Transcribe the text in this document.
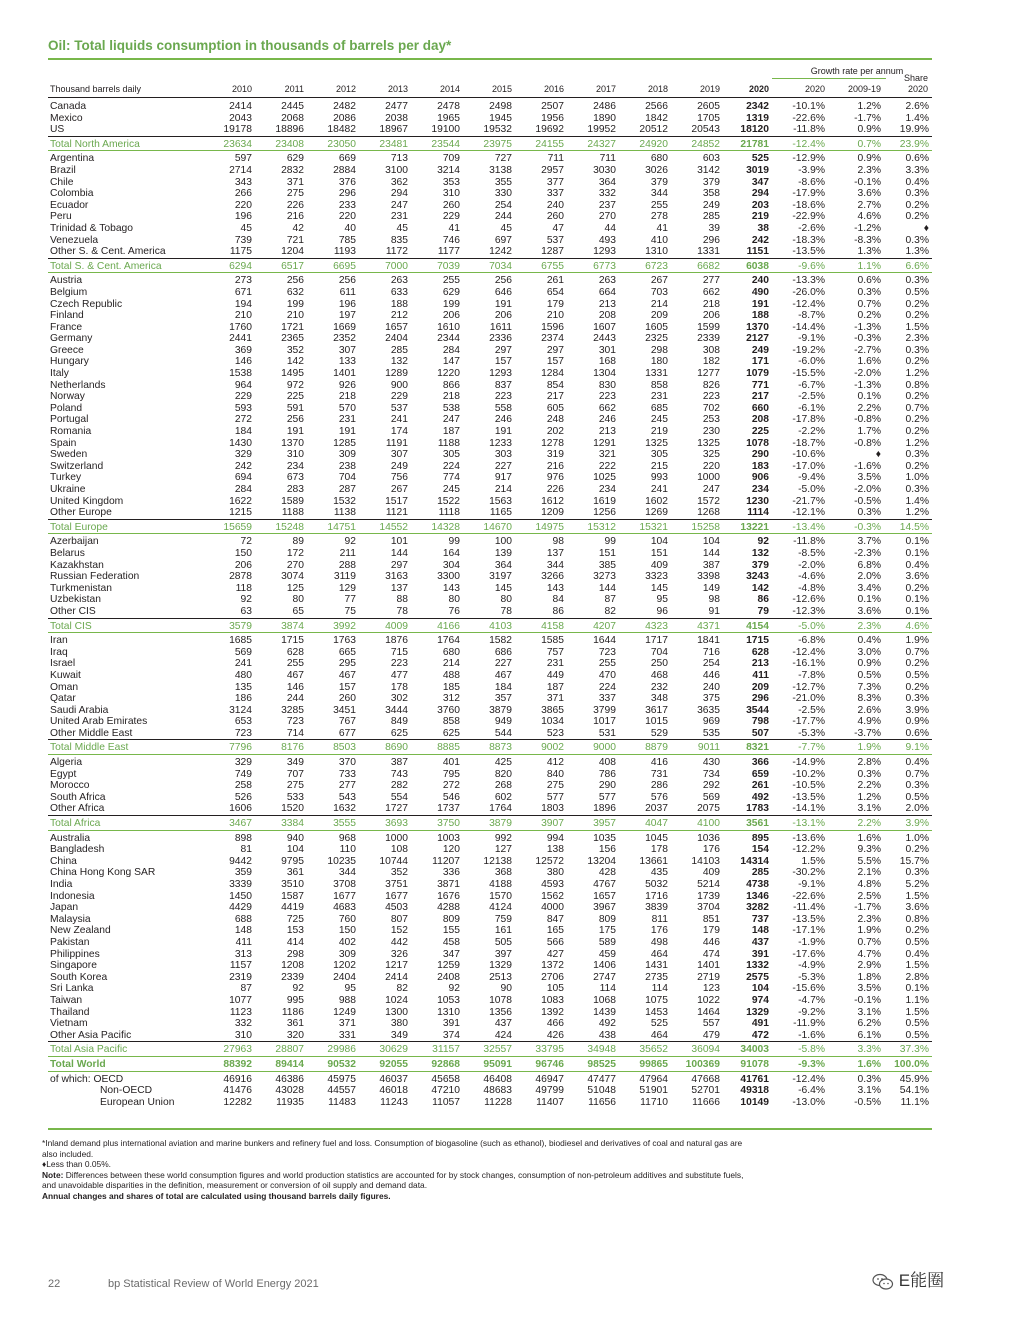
Oil: Total liquids consumption in thousands of barrels per day*
Thousand barrels daily
Growth rate per annum
Share
2020
2010	2011	2012	2013	2014	2015	2016	2017	2018	2019	2020	2020	2009-19
Canada	2414	2445	2482	2477	2478	2498	2507	2486	2566	2605	2342 -10.1%	1.2% 2.6%
Mexico	2043	2068	2086	2038	1965	1945	1956	1890	1842	1705	1319 -22.6%	-1.7% 1.4%
US	19178 18896 18482 18967 19100 19532 19692 19952 20512 20543 18120 -11.8%	0.9% 19.9%
Total North America	23634 23408 23050 23481 23544 23975 24155 24327 24920 24852 21781 -12.4%	0.7% 23.9%
Argentina	597	629	669	713	709	727	711	711	680	603	525 -12.9%	0.9% 0.6%
Brazil	2714	2832	2884	3100	3214	3138	2957	3030	3026	3142	3019	-3.9%	2.3% 3.3%
Chile	343	371	376	362	353	355	377	364	379	379	347	-8.6%	-0.1% 0.4%
Colombia	266	275	296	294	310	330	337	332	344	358	294 -17.9%	3.6% 0.3%
Ecuador	220	226	233	247	260	254	240	237	255	249	203 -18.6%	2.7% 0.2%
Peru	196	216	220	231	229	244	260	270	278	285	219 -22.9%	4.6% 0.2%
Trinidad & Tobago	45	42	40	45	41	45	47	44	41	39	38	-2.6%	-1.2%	♦
Venezuela	739	721	785	835	746	697	537	493	410	296	242 -18.3%	-8.3% 0.3%
Other S. & Cent. America	1175	1204	1193	1172	1177	1242	1287	1293	1310	1331	1151 -13.5%	1.3% 1.3%
Total S. & Cent. America	6294	6517	6695	7000	7039	7034	6755	6773	6723	6682	6038	-9.6%	1.1% 6.6%
Austria	273	256	256	263	255	256	261	263	267	277	240 -13.3%	0.6% 0.3%
Belgium	671	632	611	633	629	646	654	664	703	662	490 -26.0%	0.3% 0.5%
Czech Republic	194	199	196	188	199	191	179	213	214	218	191 -12.4%	0.7% 0.2%
Finland	210	210	197	212	206	206	210	208	209	206	188	-8.7%	0.2% 0.2%
France	1760	1721	1669	1657	1610	1611	1596	1607	1605	1599	1370 -14.4%	-1.3% 1.5%
Germany	2441	2365	2352	2404	2344	2336	2374	2443	2325	2339	2127	-9.1%	-0.3% 2.3%
Greece	369	352	307	285	284	297	297	301	298	308	249 -19.2%	-2.7% 0.3%
Hungary	146	142	133	132	147	157	157	168	180	182	171	-6.0%	1.6% 0.2%
Italy	1538	1495	1401	1289	1220	1293	1284	1304	1331	1277	1079 -15.5%	-2.0% 1.2%
Netherlands	964	972	926	900	866	837	854	830	858	826	771	-6.7%	-1.3% 0.8%
Norway	229	225	218	229	218	223	217	223	231	223	217	-2.5%	0.1% 0.2%
Poland	593	591	570	537	538	558	605	662	685	702	660	-6.1%	2.2% 0.7%
Portugal	272	256	231	241	247	246	248	246	245	253	208 -17.8%	-0.8% 0.2%
Romania	184	191	191	174	187	191	202	213	219	230	225	-2.2%	1.7% 0.2%
Spain	1430	1370	1285	1191	1188	1233	1278	1291	1325	1325	1078 -18.7%	-0.8% 1.2%
Sweden	329	310	309	307	305	303	319	321	305	325	290 -10.6%	♦ 0.3%
Switzerland	242	234	238	249	224	227	216	222	215	220	183 -17.0%	-1.6% 0.2%
Turkey	694	673	704	756	774	917	976	1025	993	1000	906	-9.4%	3.5% 1.0%
Ukraine	284	283	287	267	245	214	226	234	241	247	234	-5.0%	-2.0% 0.3%
United Kingdom	1622	1589	1532	1517	1522	1563	1612	1619	1602	1572	1230 -21.7%	-0.5% 1.4%
Other Europe	1215	1188	1138	1121	1118	1165	1209	1256	1269	1268	1114 -12.1%	0.3% 1.2%
Total Europe	15659 15248 14751 14552 14328 14670 14975 15312 15321 15258 13221 -13.4%	-0.3% 14.5%
Azerbaijan	72	89	92	101	99	100	98	99	104	104	92 -11.8%	3.7% 0.1%
Belarus	150	172	211	144	164	139	137	151	151	144	132	-8.5%	-2.3% 0.1%
Kazakhstan	206	270	288	297	304	364	344	385	409	387	379	-2.0%	6.8% 0.4%
Russian Federation	2878	3074	3119	3163	3300	3197	3266	3273	3323	3398	3243	-4.6%	2.0% 3.6%
Turkmenistan	118	125	129	137	143	145	143	144	145	149	142	-4.8%	3.4% 0.2%
Uzbekistan	92	80	77	88	80	80	84	87	95	98	86 -12.6%	0.1% 0.1%
Other CIS	63	65	75	78	76	78	86	82	96	91	79 -12.3%	3.6% 0.1%
Total CIS	3579	3874	3992	4009	4166	4103	4158	4207	4323	4371	4154	-5.0%	2.3% 4.6%
Iran	1685	1715	1763	1876	1764	1582	1585	1644	1717	1841	1715	-6.8%	0.4% 1.9%
Iraq	569	628	665	715	680	686	757	723	704	716	628 -12.4%	3.0% 0.7%
Israel	241	255	295	223	214	227	231	255	250	254	213 -16.1%	0.9% 0.2%
Kuwait	480	467	467	477	488	467	449	470	468	446	411	-7.8%	0.5% 0.5%
Oman	135	146	157	178	185	184	187	224	232	240	209 -12.7%	7.3% 0.2%
Qatar	186	244	260	302	312	357	371	337	348	375	296 -21.0%	8.3% 0.3%
Saudi Arabia	3124	3285	3451	3444	3760	3879	3865	3799	3617	3635	3544	-2.5%	2.6% 3.9%
United Arab Emirates	653	723	767	849	858	949	1034	1017	1015	969	798 -17.7%	4.9% 0.9%
Other Middle East	723	714	677	625	625	544	523	531	529	535	507	-5.3%	-3.7% 0.6%
Total Middle East	7796	8176	8503	8690	8885	8873	9002	9000	8879	9011	8321	-7.7%	1.9% 9.1%
Algeria	329	349	370	387	401	425	412	408	416	430	366 -14.9%	2.8% 0.4%
Egypt	749	707	733	743	795	820	840	786	731	734	659 -10.2%	0.3% 0.7%
Morocco	258	275	277	282	272	268	275	290	286	292	261 -10.5%	2.2% 0.3%
South Africa	526	533	543	554	546	602	577	577	576	569	492 -13.5%	1.2% 0.5%
Other Africa	1606	1520	1632	1727	1737	1764	1803	1896	2037	2075	1783 -14.1%	3.1% 2.0%
Total Africa	3467	3384	3555	3693	3750	3879	3907	3957	4047	4100	3561 -13.1%	2.2% 3.9%
Australia	898	940	968	1000	1003	992	994	1035	1045	1036	895 -13.6%	1.6% 1.0%
Bangladesh	81	104	110	108	120	127	138	156	178	176	154 -12.2%	9.3% 0.2%
China	9442	9795 10235 10744 11207 12138 12572 13204 13661 14103 14314	1.5%	5.5% 15.7%
China Hong Kong SAR	359	361	344	352	336	368	380	428	435	409	285 -30.2%	2.1% 0.3%
India	3339	3510	3708	3751	3871	4188	4593	4767	5032	5214	4738	-9.1%	4.8% 5.2%
Indonesia	1450	1587	1677	1677	1676	1570	1562	1657	1716	1739	1346 -22.6%	2.5% 1.5%
Japan	4429	4419	4683	4503	4288	4124	4000	3967	3839	3704	3282 -11.4%	-1.7% 3.6%
Malaysia	688	725	760	807	809	759	847	809	811	851	737 -13.5%	2.3% 0.8%
New Zealand	148	153	150	152	155	161	165	175	176	179	148 -17.1%	1.9% 0.2%
Pakistan	411	414	402	442	458	505	566	589	498	446	437	-1.9%	0.7% 0.5%
Philippines	313	298	309	326	347	397	427	459	464	474	391 -17.6%	4.7% 0.4%
Singapore	1157	1208	1202	1217	1259	1329	1372	1406	1431	1401	1332	-4.9%	2.9% 1.5%
South Korea	2319	2339	2404	2414	2408	2513	2706	2747	2735	2719	2575	-5.3%	1.8% 2.8%
Sri Lanka	87	92	95	82	92	90	105	114	114	123	104 -15.6%	3.5% 0.1%
Taiwan	1077	995	988	1024	1053	1078	1083	1068	1075	1022	974	-4.7%	-0.1% 1.1%
Thailand	1123	1186	1249	1300	1310	1356	1392	1439	1453	1464	1329	-9.2%	3.1% 1.5%
Vietnam	332	361	371	380	391	437	466	492	525	557	491 -11.9%	6.2% 0.5%
Other Asia Pacific	310	320	331	349	374	424	426	438	464	479	472	-1.6%	6.1% 0.5%
Total Asia Pacific	27963 28807 29986 30629 31157 32557 33795 34948 35652 36094 34003	-5.8%	3.3% 37.3%
Total World	88392 89414 90532 92055 92868 95091 96746 98525 99865 100369 91078	-9.3%	1.6% 100.0%
of which: OECD	46916 46386 45975 46037 45658 46408 46947 47477 47964 47668 41761 -12.4%	0.3% 45.9%
Non-OECD	41476 43028 44557 46018 47210 48683 49799 51048 51901 52701 49318	-6.4%	3.1% 54.1%
European Union	12282 11935 11483 11243 11057 11228 11407 11656 11710 11666 10149 -13.0%	-0.5% 11.1%
*Inland demand plus international aviation and marine bunkers and refinery fuel and loss. Consumption of biogasoline (such as ethanol), biodiesel and derivatives of coal and natural gas are
also included.
♦Less than 0.05%.
Note: Differences between these world consumption figures and world production statistics are accounted for by stock changes, consumption of non-petroleum additives and substitute fuels,
and unavoidable disparities in the definition, measurement or conversion of oil supply and demand data.
Annual changes and shares of total are calculated using thousand barrels daily figures.
22	bp Statistical Review of World Energy 2021	E能圈
